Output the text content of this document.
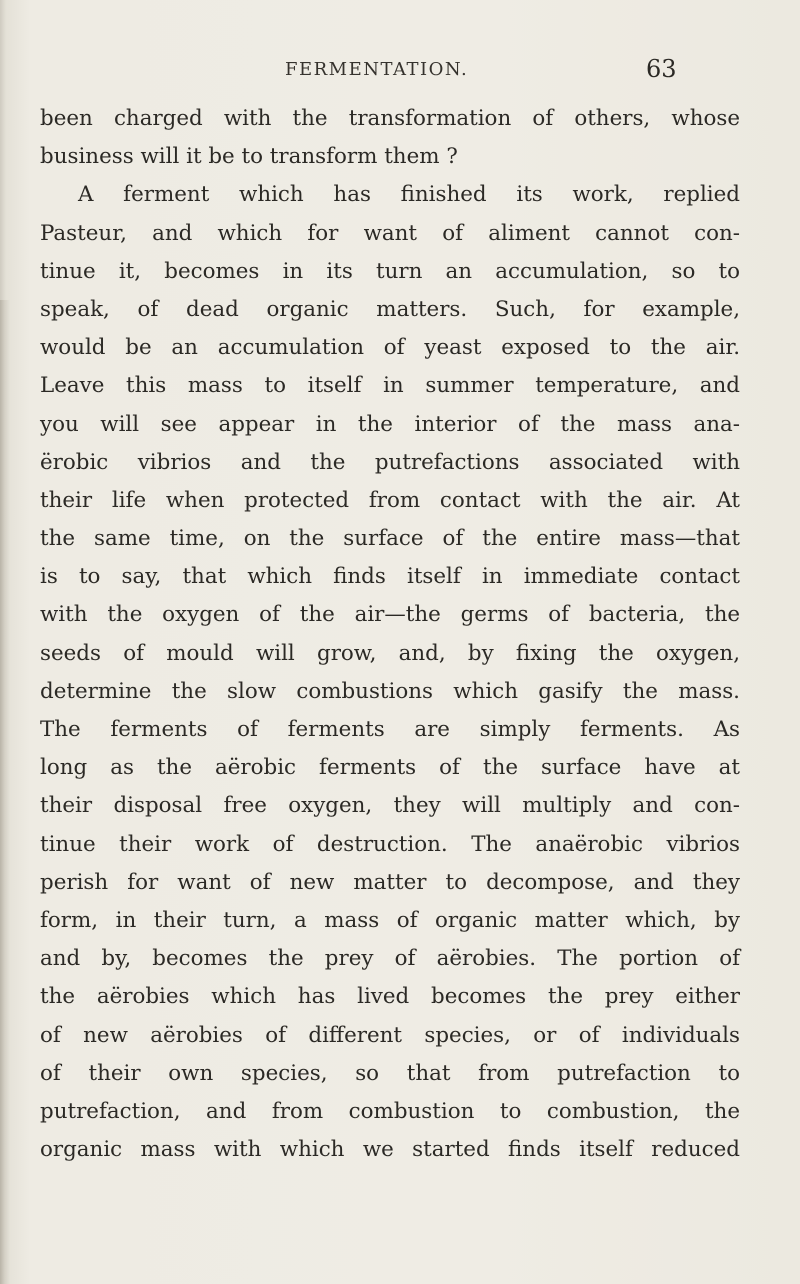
FERMENTATION.	63
been charged with the transformation of others, whose
business will it be to transform them ?
A ferment which has finished its work, replied
Pasteur, and which for want of aliment cannot con-
tinue it, becomes in its turn an accumulation, so to
speak, of dead organic matters. Such, for example,
would be an accumulation of yeast exposed to the air.
Leave this mass to itself in summer temperature, and
you will see appear in the interior of the mass ana-
ërobic vibrios and the putrefactions associated with
their life when protected from contact with the air. At
the same time, on the surface of the entire mass—that
is to say, that which finds itself in immediate contact
with the oxygen of the air—the germs of bacteria, the
seeds of mould will grow, and, by fixing the oxygen,
determine the slow combustions which gasify the mass.
The ferments of ferments are simply ferments. As
long as the aërobic ferments of the surface have at
their disposal free oxygen, they will multiply and con-
tinue their work of destruction. The anaërobic vibrios
perish for want of new matter to decompose, and they
form, in their turn, a mass of organic matter which, by
and by, becomes the prey of aërobies. The portion of
the aërobies which has lived becomes the prey either
of new aërobies of different species, or of individuals
of their own species, so that from putrefaction to
putrefaction, and from combustion to combustion, the
organic mass with which we started finds itself reduced
